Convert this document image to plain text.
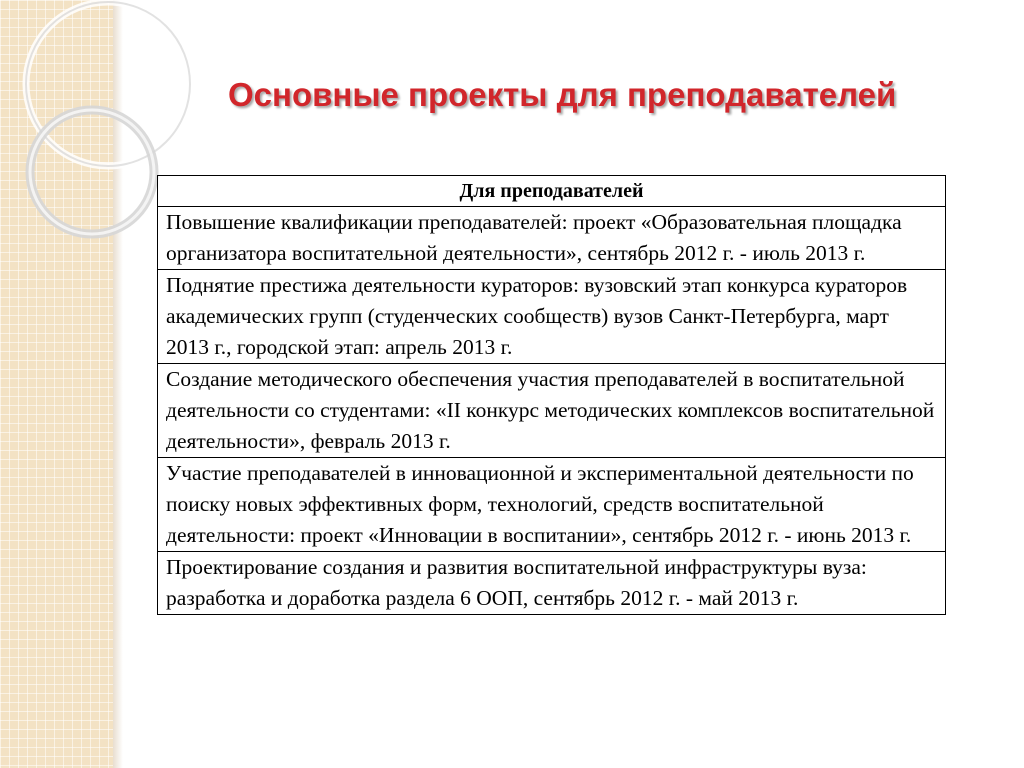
Основные проекты для преподавателей
Для преподавателей
Повышение квалификации преподавателей: проект «Образовательная площадка организатора воспитательной деятельности», сентябрь 2012 г. - июль 2013 г.
Поднятие престижа деятельности кураторов: вузовский этап конкурса кураторов академических групп (студенческих сообществ) вузов Санкт-Петербурга, март 2013 г., городской этап: апрель 2013 г.
Создание методического обеспечения участия преподавателей в воспитательной деятельности со студентами: «II конкурс методических комплексов воспитательной деятельности», февраль 2013 г.
Участие преподавателей в инновационной и экспериментальной деятельности по поиску новых эффективных форм, технологий, средств воспитательной деятельности: проект «Инновации в воспитании», сентябрь 2012 г. - июнь 2013 г.
Проектирование создания и развития воспитательной инфраструктуры вуза: разработка и доработка раздела 6 ООП, сентябрь 2012 г. - май 2013 г.
